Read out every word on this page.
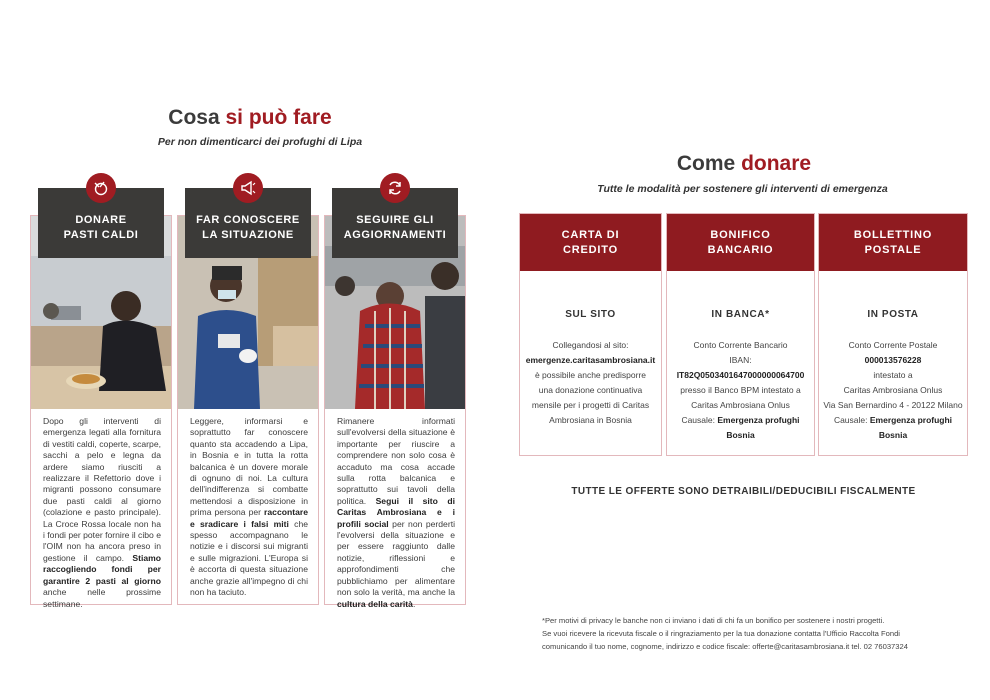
Cosa si può fare
Per non dimenticarci dei profughi di Lipa
DONARE
PASTI CALDI
Dopo gli interventi di emergenza legati alla fornitura di vestiti caldi, coperte, scarpe, sacchi a pelo e legna da ardere siamo riusciti a realizzare il Refettorio dove i migranti possono consumare due pasti caldi al giorno (colazione e pasto principale). La Croce Rossa locale non ha i fondi per poter fornire il cibo e l'OIM non ha ancora preso in gestione il campo. Stiamo raccogliendo fondi per garantire 2 pasti al giorno anche nelle prossime settimane.
FAR CONOSCERE
LA SITUAZIONE
Leggere, informarsi e soprattutto far conoscere quanto sta accadendo a Lipa, in Bosnia e in tutta la rotta balcanica è un dovere morale di ognuno di noi. La cultura dell'indifferenza si combatte mettendosi a disposizione in prima persona per raccontare e sradicare i falsi miti che spesso accompagnano le notizie e i discorsi sui migranti e sulle migrazioni. L'Europa si è accorta di questa situazione anche grazie all'impegno di chi non ha taciuto.
SEGUIRE GLI
AGGIORNAMENTI
Rimanere informati sull'evolversi della situazione è importante per riuscire a comprendere non solo cosa è accaduto ma cosa accade sulla rotta balcanica e soprattutto sui tavoli della politica. Segui il sito di Caritas Ambrosiana e i profili social per non perderti l'evolversi della situazione e per essere raggiunto dalle notizie, riflessioni e approfondimenti che pubblichiamo per alimentare non solo la verità, ma anche la cultura della carità.
Come donare
Tutte le modalità per sostenere gli interventi di emergenza
CARTA DI
CREDITO
SUL SITO
Collegandosi al sito:
emergenze.caritasambrosiana.it
è possibile anche predisporre
una donazione continuativa
mensile per i progetti di Caritas
Ambrosiana in Bosnia
BONIFICO
BANCARIO
IN BANCA*
Conto Corrente Bancario
IBAN:
IT82Q0503401647000000064700
presso il Banco BPM intestato a
Caritas Ambrosiana Onlus
Causale: Emergenza profughi Bosnia
BOLLETTINO
POSTALE
IN POSTA
Conto Corrente Postale
000013576228
intestato a
Caritas Ambrosiana Onlus
Via San Bernardino 4 - 20122 Milano
Causale: Emergenza profughi Bosnia
TUTTE LE OFFERTE SONO DETRAIBILI/DEDUCIBILI FISCALMENTE
*Per motivi di privacy le banche non ci inviano i dati di chi fa un bonifico per sostenere i nostri progetti.
Se vuoi ricevere la ricevuta fiscale o il ringraziamento per la tua donazione contatta l'Ufficio Raccolta Fondi
comunicando il tuo nome, cognome, indirizzo e codice fiscale: offerte@caritasambrosiana.it tel. 02 76037324
